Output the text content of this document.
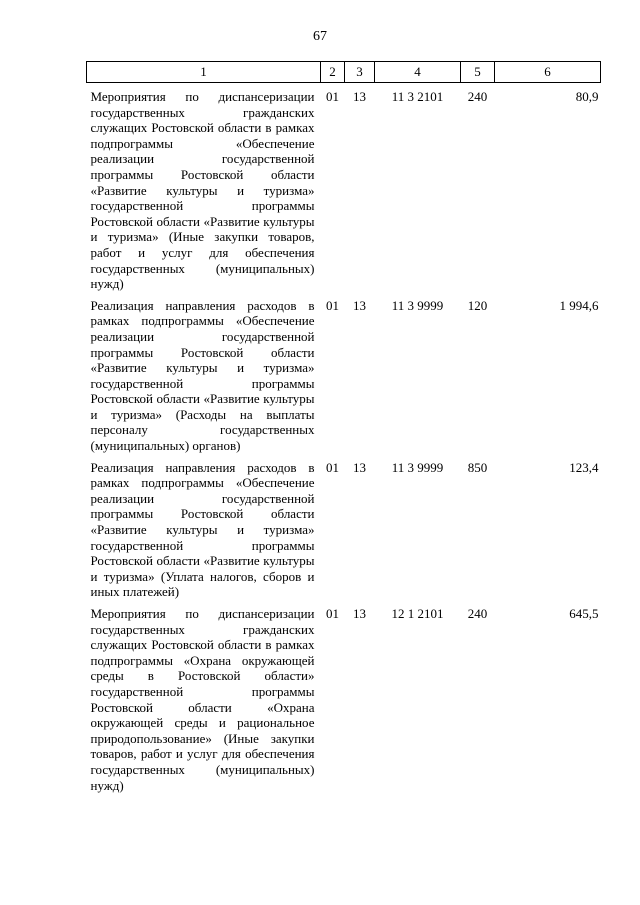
67
1	2	3	4	5	6
Мероприятия по диспансеризации государственных гражданских служащих Ростовской области в рамках подпрограммы «Обеспечение реализации государственной программы Ростовской области «Развитие культуры и туризма» государственной программы Ростовской области «Развитие культуры и туризма» (Иные закупки товаров, работ и услуг для обеспечения государственных (муниципальных) нужд)	01	13	11 3 2101	240	80,9
Реализация направления расходов в рамках подпрограммы «Обеспечение реализации государственной программы Ростовской области «Развитие культуры и туризма» государственной программы Ростовской области «Развитие культуры и туризма» (Расходы на выплаты персоналу государственных (муниципальных) органов)	01	13	11 3 9999	120	1 994,6
Реализация направления расходов в рамках подпрограммы «Обеспечение реализации государственной программы Ростовской области «Развитие культуры и туризма» государственной программы Ростовской области «Развитие культуры и туризма» (Уплата налогов, сборов и иных платежей)	01	13	11 3 9999	850	123,4
Мероприятия по диспансеризации государственных гражданских служащих Ростовской области в рамках подпрограммы «Охрана окружающей среды в Ростовской области» государственной программы Ростовской области «Охрана окружающей среды и рациональное природопользование» (Иные закупки товаров, работ и услуг для обеспечения государственных (муниципальных) нужд)	01	13	12 1 2101	240	645,5
